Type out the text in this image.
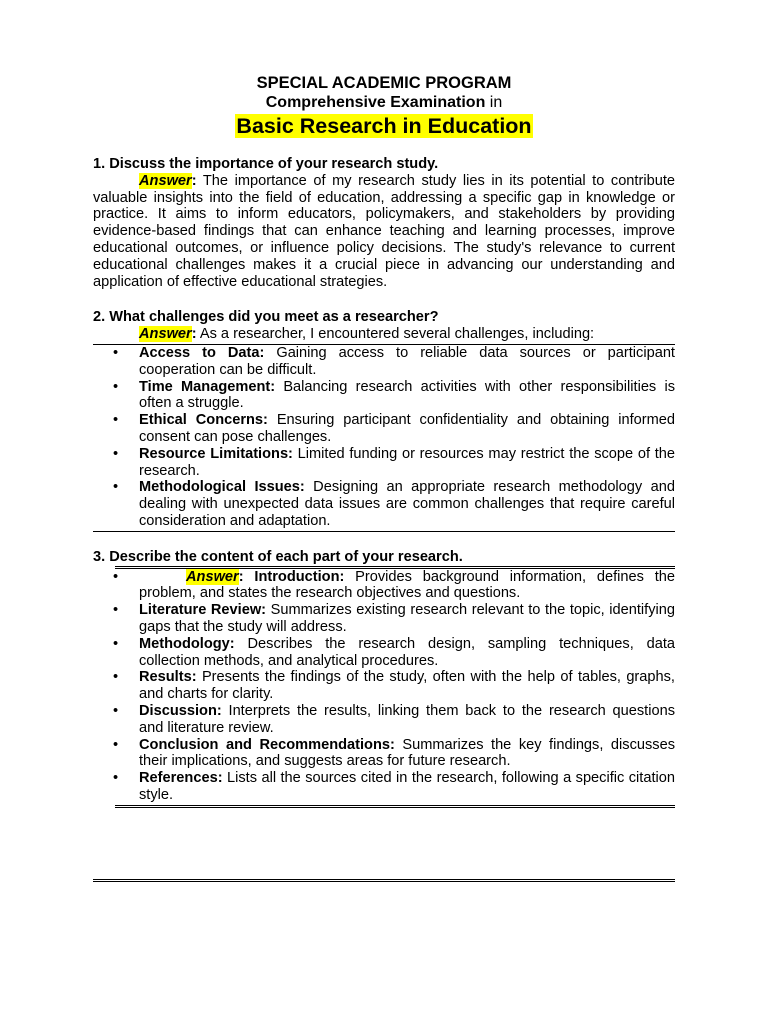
SPECIAL ACADEMIC PROGRAM
Comprehensive Examination in
Basic Research in Education
1. Discuss the importance of your research study.
Answer: The importance of my research study lies in its potential to contribute valuable insights into the field of education, addressing a specific gap in knowledge or practice. It aims to inform educators, policymakers, and stakeholders by providing evidence-based findings that can enhance teaching and learning processes, improve educational outcomes, or influence policy decisions. The study's relevance to current educational challenges makes it a crucial piece in advancing our understanding and application of effective educational strategies.
2. What challenges did you meet as a researcher?
Answer: As a researcher, I encountered several challenges, including:
• Access to Data: Gaining access to reliable data sources or participant cooperation can be difficult.
• Time Management: Balancing research activities with other responsibilities is often a struggle.
• Ethical Concerns: Ensuring participant confidentiality and obtaining informed consent can pose challenges.
• Resource Limitations: Limited funding or resources may restrict the scope of the research.
• Methodological Issues: Designing an appropriate research methodology and dealing with unexpected data issues are common challenges that require careful consideration and adaptation.
3. Describe the content of each part of your research.
•	Answer: Introduction: Provides background information, defines the problem, and states the research objectives and questions.
• Literature Review: Summarizes existing research relevant to the topic, identifying gaps that the study will address.
• Methodology: Describes the research design, sampling techniques, data collection methods, and analytical procedures.
• Results: Presents the findings of the study, often with the help of tables, graphs, and charts for clarity.
• Discussion: Interprets the results, linking them back to the research questions and literature review.
• Conclusion and Recommendations: Summarizes the key findings, discusses their implications, and suggests areas for future research.
• References: Lists all the sources cited in the research, following a specific citation style.
